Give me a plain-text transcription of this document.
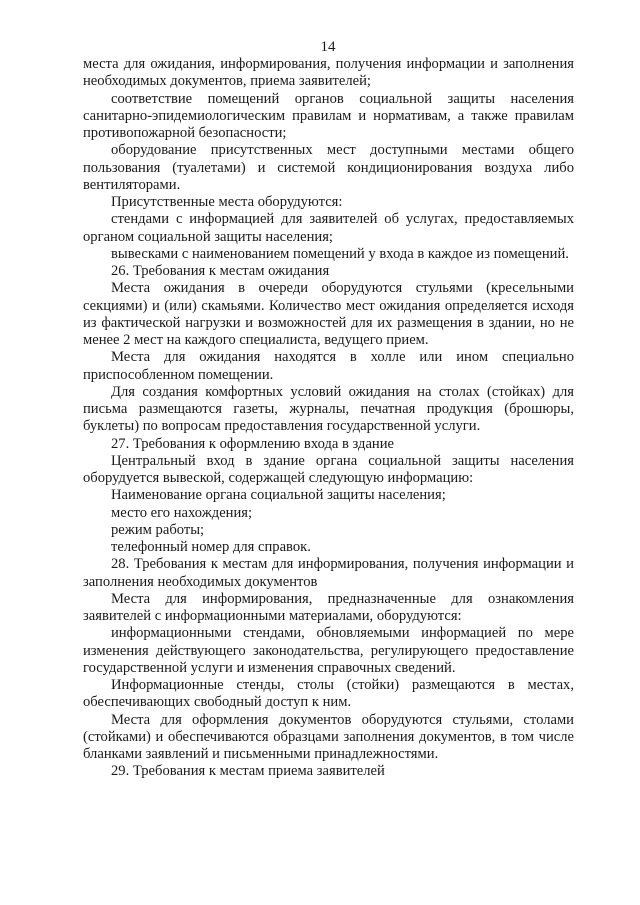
14

места для ожидания, информирования, получения информации и заполнения необходимых документов, приема заявителей;

соответствие помещений органов социальной защиты населения санитарно-эпидемиологическим правилам и нормативам, а также правилам противопожарной безопасности;

оборудование присутственных мест доступными местами общего пользования (туалетами) и системой кондиционирования воздуха либо вентиляторами.

Присутственные места оборудуются:

стендами с информацией для заявителей об услугах, предоставляемых органом социальной защиты населения;

вывесками с наименованием помещений у входа в каждое из помещений.

26. Требования к местам ожидания

Места ожидания в очереди оборудуются стульями (кресельными секциями) и (или) скамьями. Количество мест ожидания определяется исходя из фактической нагрузки и возможностей для их размещения в здании, но не менее 2 мест на каждого специалиста, ведущего прием.

Места для ожидания находятся в холле или ином специально приспособленном помещении.

Для создания комфортных условий ожидания на столах (стойках) для письма размещаются газеты, журналы, печатная продукция (брошюры, буклеты) по вопросам предоставления государственной услуги.

27. Требования к оформлению входа в здание

Центральный вход в здание органа социальной защиты населения оборудуется вывеской, содержащей следующую информацию:

Наименование органа социальной защиты населения;

место его нахождения;

режим работы;

телефонный номер для справок.

28. Требования к местам для информирования, получения информации и заполнения необходимых документов

Места для информирования, предназначенные для ознакомления заявителей с информационными материалами, оборудуются:

информационными стендами, обновляемыми информацией по мере изменения действующего законодательства, регулирующего предоставление государственной услуги и изменения справочных сведений.

Информационные стенды, столы (стойки) размещаются в местах, обеспечивающих свободный доступ к ним.

Места для оформления документов оборудуются стульями, столами (стойками) и обеспечиваются образцами заполнения документов, в том числе бланками заявлений и письменными принадлежностями.

29. Требования к местам приема заявителей
